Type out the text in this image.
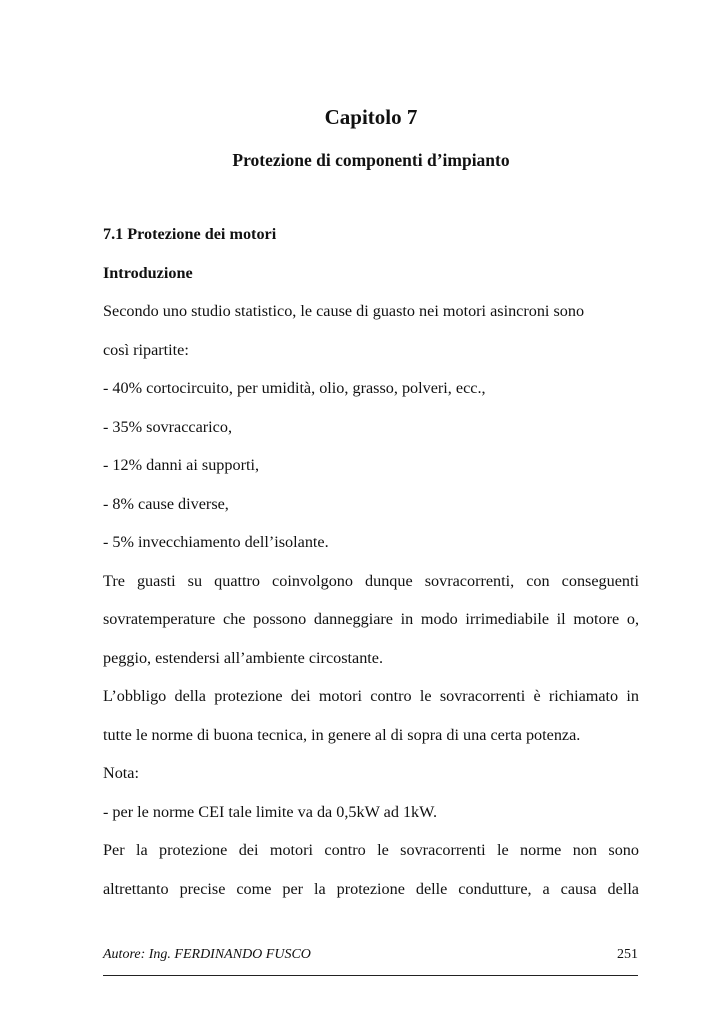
Capitolo 7
Protezione di componenti d’impianto
7.1 Protezione dei motori
Introduzione
Secondo uno studio statistico, le cause di guasto nei motori asincroni sono
così ripartite:
- 40% cortocircuito, per umidità, olio, grasso, polveri, ecc.,
- 35% sovraccarico,
- 12% danni ai supporti,
- 8% cause diverse,
- 5% invecchiamento dell’isolante.
Tre guasti su quattro coinvolgono dunque sovracorrenti, con conseguenti
sovratemperature che possono danneggiare in modo irrimediabile il motore o,
peggio, estendersi all’ambiente circostante.
L’obbligo della protezione dei motori contro le sovracorrenti è richiamato in
tutte le norme di buona tecnica, in genere al di sopra di una certa potenza.
Nota:
- per le norme CEI tale limite va da 0,5kW ad 1kW.
Per la protezione dei motori contro le sovracorrenti le norme non sono
altrettanto precise come per la protezione delle condutture, a causa della
Autore: Ing. FERDINANDO FUSCO	251
